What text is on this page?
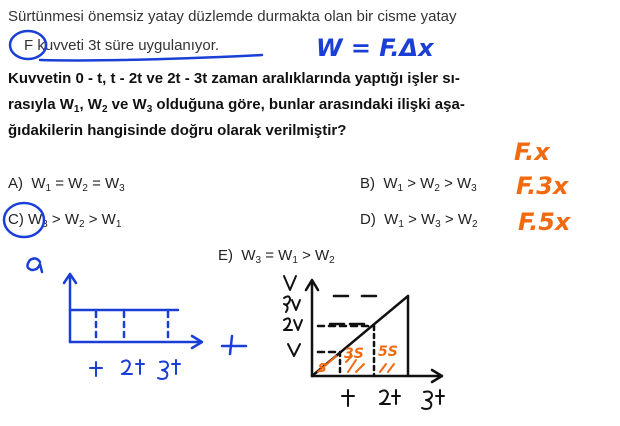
Sürtünmesi önemsiz yatay düzlemde durmakta olan bir cisme yatay
F kuvveti 3t süre uygulanıyor.
Kuvvetin 0 - t, t - 2t ve 2t - 3t zaman aralıklarında yaptığı işler sı-
rasıyla $W_1$, $W_2$ ve $W_3$ olduğuna göre, bunlar arasındaki ilişki aşa-
ğıdakilerin hangisinde doğru olarak verilmiştir?
A) $W_1 = W_2 = W_3$	B) $W_1 > W_2 > W_3$
C) $W_3 > W_2 > W_1$	D) $W_1 > W_3 > W_2$
E) $W_3 = W_1 > W_2$
W = F.Δx
F.x
F.3x
F.5x
3S 5S
S
